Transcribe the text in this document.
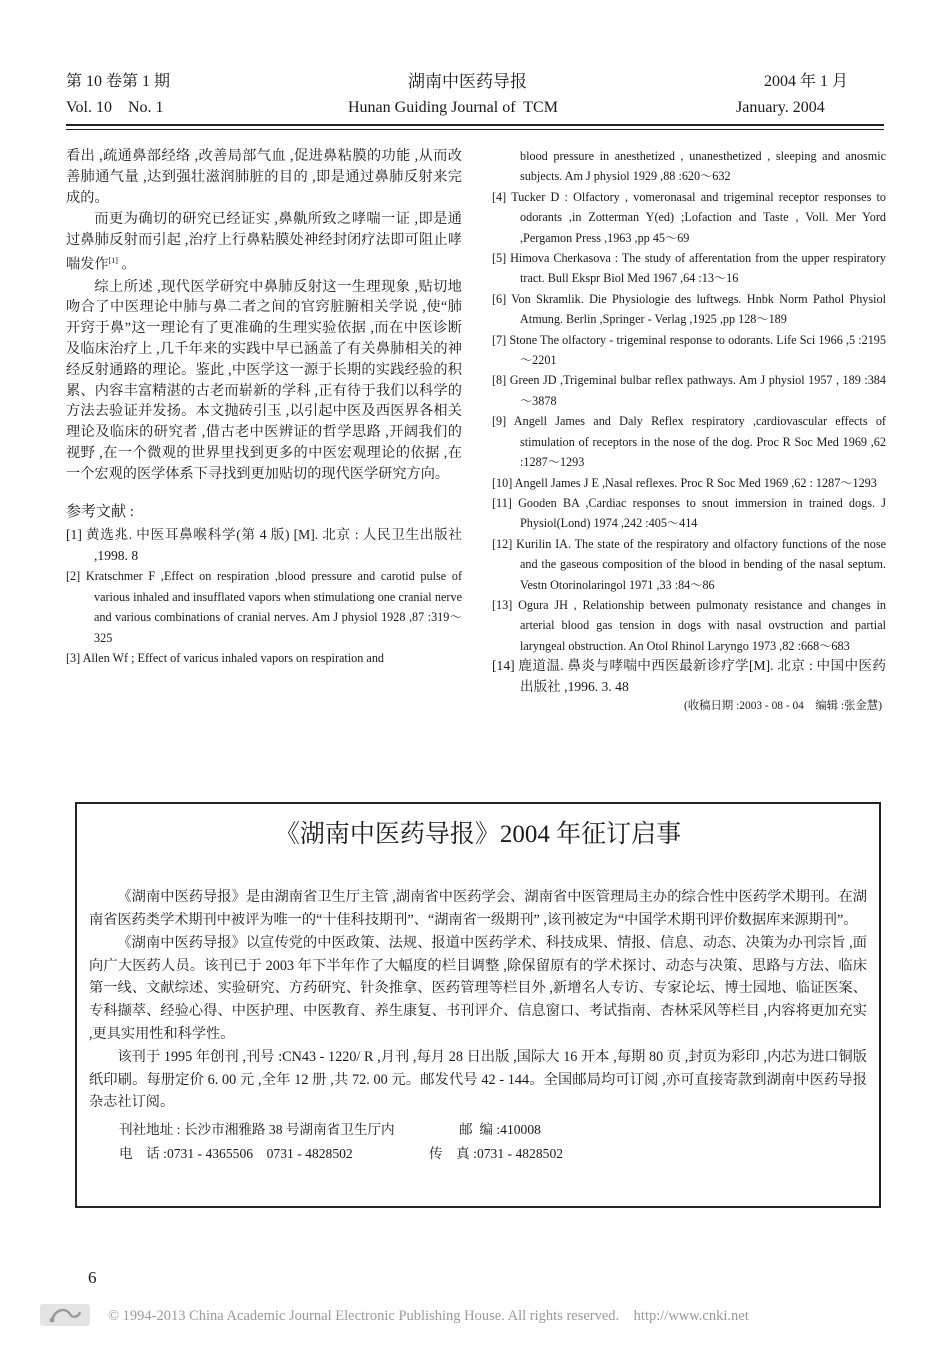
第 10 卷第 1 期	湖南中医药导报	2004 年 1 月
Vol. 10    No. 1	Hunan Guiding Journal of  TCM	January. 2004

看出 ,疏通鼻部经络 ,改善局部气血 ,促进鼻粘膜的功能 ,从而改善肺通气量 ,达到强壮滋润肺脏的目的 ,即是通过鼻肺反射来完成的。

而更为确切的研究已经证实 ,鼻鼽所致之哮喘一证 ,即是通过鼻肺反射而引起 ,治疗上行鼻粘膜处神经封闭疗法即可阻止哮喘发作[1] 。

综上所述 ,现代医学研究中鼻肺反射这一生理现象 ,贴切地吻合了中医理论中肺与鼻二者之间的官窍脏腑相关学说 ,使“肺开窍于鼻”这一理论有了更准确的生理实验依据 ,而在中医诊断及临床治疗上 ,几千年来的实践中早已涵盖了有关鼻肺相关的神经反射通路的理论。鉴此 ,中医学这一源于长期的实践经验的积累、内容丰富精湛的古老而崭新的学科 ,正有待于我们以科学的方法去验证并发扬。本文抛砖引玉 ,以引起中医及西医界各相关理论及临床的研究者 ,借古老中医辨证的哲学思路 ,开阔我们的视野 ,在一个微观的世界里找到更多的中医宏观理论的依据 ,在一个宏观的医学体系下寻找到更加贴切的现代医学研究方向。

参考文献 :

[1] 黄选兆. 中医耳鼻喉科学(第 4 版) [M]. 北京 : 人民卫生出版社 ,1998. 8

[2] Kratschmer F ,Effect on respiration ,blood pressure and carotid pulse of various inhaled and insufflated vapors when stimulationg one cranial nerve and various combinations of cranial nerves. Am J physiol 1928 ,87 :319～325

[3] Allen Wf ; Effect of varicus inhaled vapors on respiration and

blood pressure in anesthetized , unanesthetized , sleeping and anosmic subjects. Am J physiol 1929 ,88 :620～632

[4] Tucker D : Olfactory , vomeronasal and trigeminal receptor responses to odorants ,in Zotterman Y(ed) ;Lofaction and Taste , Voll. Mer Yord ,Pergamon Press ,1963 ,pp 45～69

[5] Himova Cherkasova : The study of afferentation from the upper respiratory tract. Bull Ekspr Biol Med 1967 ,64 :13～16

[6] Von Skramlik. Die Physiologie des luftwegs. Hnbk Norm Pathol Physiol Atmung. Berlin ,Springer - Verlag ,1925 ,pp 128～189

[7] Stone The olfactory - trigeminal response to odorants. Life Sci 1966 ,5 :2195～2201

[8] Green JD ,Trigeminal bulbar reflex pathways. Am J physiol 1957 , 189 :384～3878

[9] Angell James and Daly Reflex respiratory ,cardiovascular effects of stimulation of receptors in the nose of the dog. Proc R Soc Med 1969 ,62 :1287～1293

[10] Angell James J E ,Nasal reflexes. Proc R Soc Med 1969 ,62 : 1287～1293

[11] Gooden BA ,Cardiac responses to snout immersion in trained dogs. J Physiol(Lond) 1974 ,242 :405～414

[12] Kurilin IA. The state of the respiratory and olfactory functions of the nose and the gaseous composition of the blood in bending of the nasal septum. Vestn Otorinolaringol 1971 ,33 :84～86

[13] Ogura JH , Relationship between pulmonaty resistance and changes in arterial blood gas tension in dogs with nasal ovstruction and partial laryngeal obstruction. An Otol Rhinol Laryngo 1973 ,82 :668～683

[14] 鹿道温. 鼻炎与哮喘中西医最新诊疗学[M]. 北京 : 中国中医药出版社 ,1996. 3. 48

(收稿日期 :2003 - 08 - 04    编辑 :张金慧)

《湖南中医药导报》2004 年征订启事

《湖南中医药导报》是由湖南省卫生厅主管 ,湖南省中医药学会、湖南省中医管理局主办的综合性中医药学术期刊。在湖南省医药类学术期刊中被评为唯一的“十佳科技期刊”、“湖南省一级期刊” ,该刊被定为“中国学术期刊评价数据库来源期刊”。

《湖南中医药导报》以宣传党的中医政策、法规、报道中医药学术、科技成果、情报、信息、动态、决策为办刊宗旨 ,面向广大医药人员。该刊已于 2003 年下半年作了大幅度的栏目调整 ,除保留原有的学术探讨、动态与决策、思路与方法、临床第一线、文献综述、实验研究、方药研究、针灸推拿、医药管理等栏目外 ,新增名人专访、专家论坛、博士园地、临证医案、专科撷萃、经验心得、中医护理、中医教育、养生康复、书刊评介、信息窗口、考试指南、杏林采风等栏目 ,内容将更加充实 ,更具实用性和科学性。

该刊于 1995 年创刊 ,刊号 :CN43 - 1220/ R ,月刊 ,每月 28 日出版 ,国际大 16 开本 ,每期 80 页 ,封页为彩印 ,内芯为进口铜版纸印刷。每册定价 6. 00 元 ,全年 12 册 ,共 72. 00 元。邮发代号 42 - 144。全国邮局均可订阅 ,亦可直接寄款到湖南中医药导报杂志社订阅。

刊社地址 : 长沙市湘雅路 38 号湖南省卫生厅内	邮  编 :410008

电    话 :0731 - 4365506    0731 - 4828502	传    真 :0731 - 4828502

6
© 1994-2013 China Academic Journal Electronic Publishing House. All rights reserved.    http://www.cnki.net
